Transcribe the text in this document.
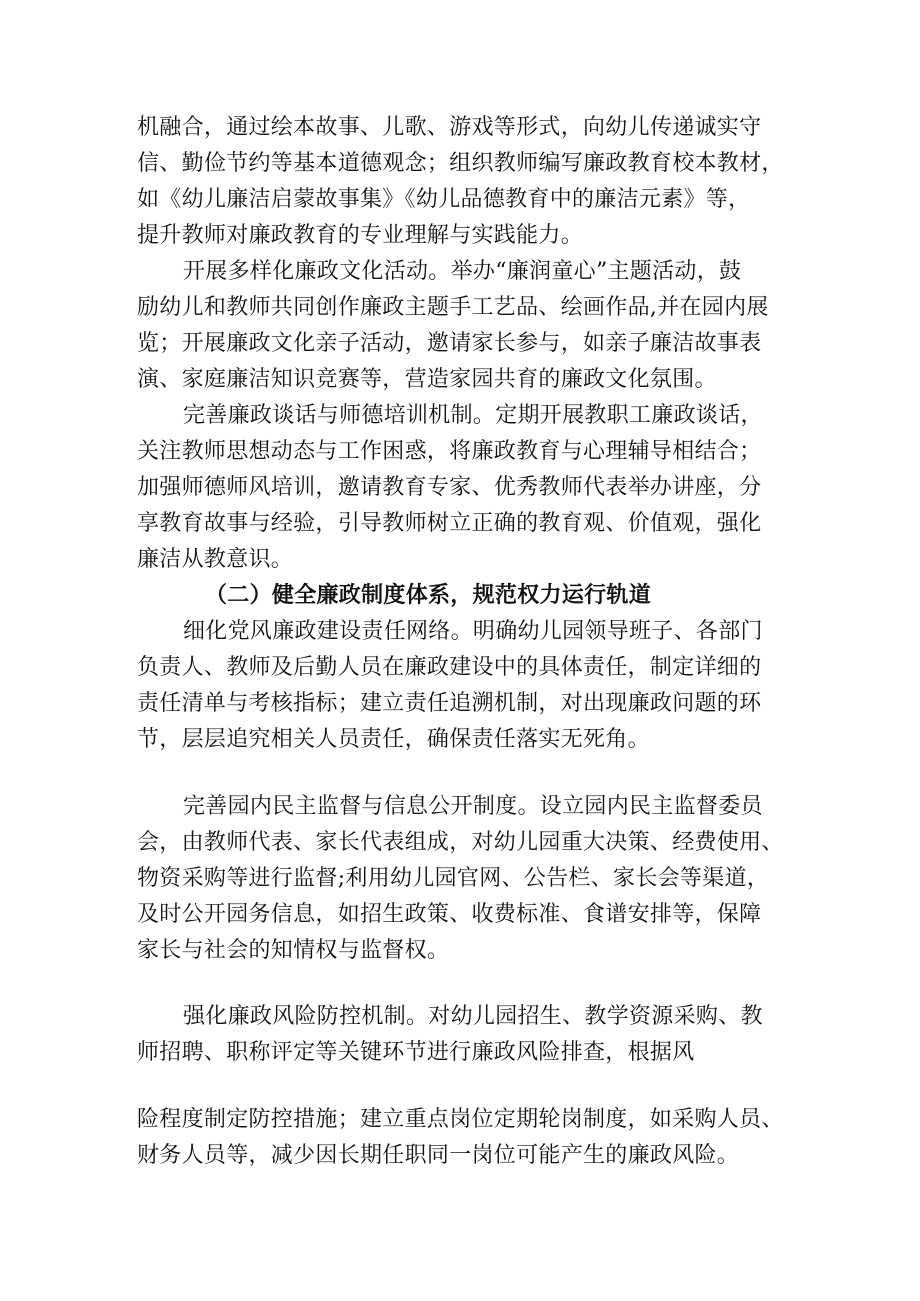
机融合，通过绘本故事、儿歌、游戏等形式，向幼儿传递诚实守
信、勤俭节约等基本道德观念；组织教师编写廉政教育校本教材，
如《幼儿廉洁启蒙故事集》《幼儿品德教育中的廉洁元素》等，
提升教师对廉政教育的专业理解与实践能力。
开展多样化廉政文化活动。举办“廉润童心”主题活动，鼓
励幼儿和教师共同创作廉政主题手工艺品、绘画作品,并在园内展
览；开展廉政文化亲子活动，邀请家长参与，如亲子廉洁故事表
演、家庭廉洁知识竞赛等，营造家园共育的廉政文化氛围。
完善廉政谈话与师德培训机制。定期开展教职工廉政谈话，
关注教师思想动态与工作困惑，将廉政教育与心理辅导相结合；
加强师德师风培训，邀请教育专家、优秀教师代表举办讲座，分
享教育故事与经验，引导教师树立正确的教育观、价值观，强化
廉洁从教意识。
（二）健全廉政制度体系，规范权力运行轨道
细化党风廉政建设责任网络。明确幼儿园领导班子、各部门
负责人、教师及后勤人员在廉政建设中的具体责任，制定详细的
责任清单与考核指标；建立责任追溯机制，对出现廉政问题的环
节，层层追究相关人员责任，确保责任落实无死角。
完善园内民主监督与信息公开制度。设立园内民主监督委员
会，由教师代表、家长代表组成，对幼儿园重大决策、经费使用、
物资采购等进行监督;利用幼儿园官网、公告栏、家长会等渠道，
及时公开园务信息，如招生政策、收费标准、食谱安排等，保障
家长与社会的知情权与监督权。
强化廉政风险防控机制。对幼儿园招生、教学资源采购、教
师招聘、职称评定等关键环节进行廉政风险排查，根据风
险程度制定防控措施；建立重点岗位定期轮岗制度，如采购人员、
财务人员等，减少因长期任职同一岗位可能产生的廉政风险。
